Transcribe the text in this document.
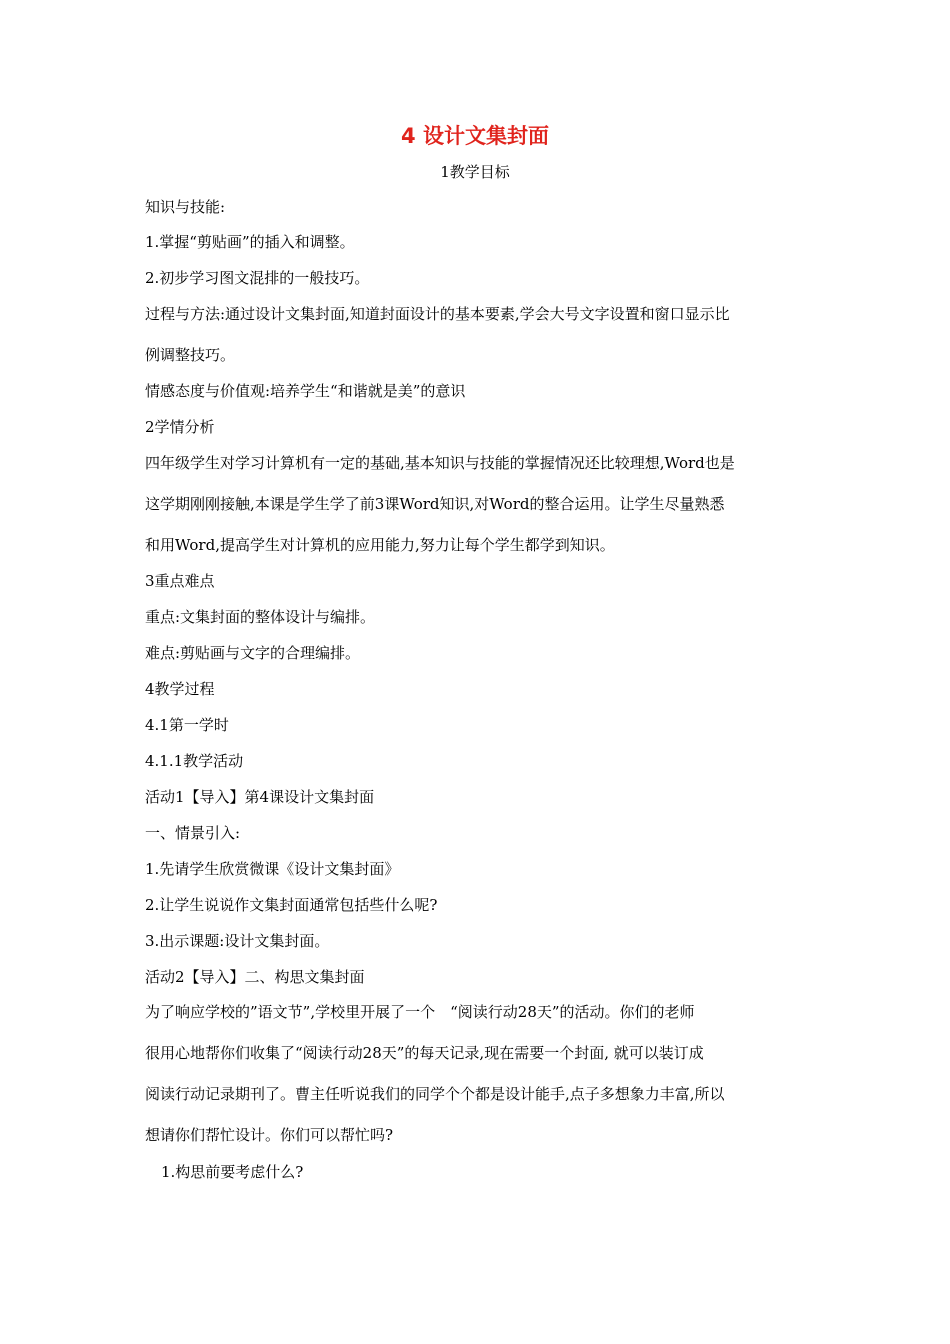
4 设计文集封面
1教学目标
知识与技能:
1.掌握“剪贴画”的插入和调整。
2.初步学习图文混排的一般技巧。
过程与方法:通过设计文集封面,知道封面设计的基本要素,学会大号文字设置和窗口显示比
例调整技巧。
情感态度与价值观:培养学生“和谐就是美”的意识
2学情分析
四年级学生对学习计算机有一定的基础,基本知识与技能的掌握情况还比较理想,Word也是
这学期刚刚接触,本课是学生学了前3课Word知识,对Word的整合运用。让学生尽量熟悉
和用Word,提高学生对计算机的应用能力,努力让每个学生都学到知识。
3重点难点
重点:文集封面的整体设计与编排。
难点:剪贴画与文字的合理编排。
4教学过程
4.1第一学时
4.1.1教学活动
活动1【导入】第4课设计文集封面
一、情景引入:
1.先请学生欣赏微课《设计文集封面》
2.让学生说说作文集封面通常包括些什么呢?
3.出示课题:设计文集封面。
活动2【导入】二、构思文集封面
为了响应学校的”语文节”,学校里开展了一个　“阅读行动28天”的活动。你们的老师
很用心地帮你们收集了“阅读行动28天”的每天记录,现在需要一个封面, 就可以装订成
阅读行动记录期刊了。曹主任听说我们的同学个个都是设计能手,点子多想象力丰富,所以
想请你们帮忙设计。你们可以帮忙吗?
1.构思前要考虑什么?
